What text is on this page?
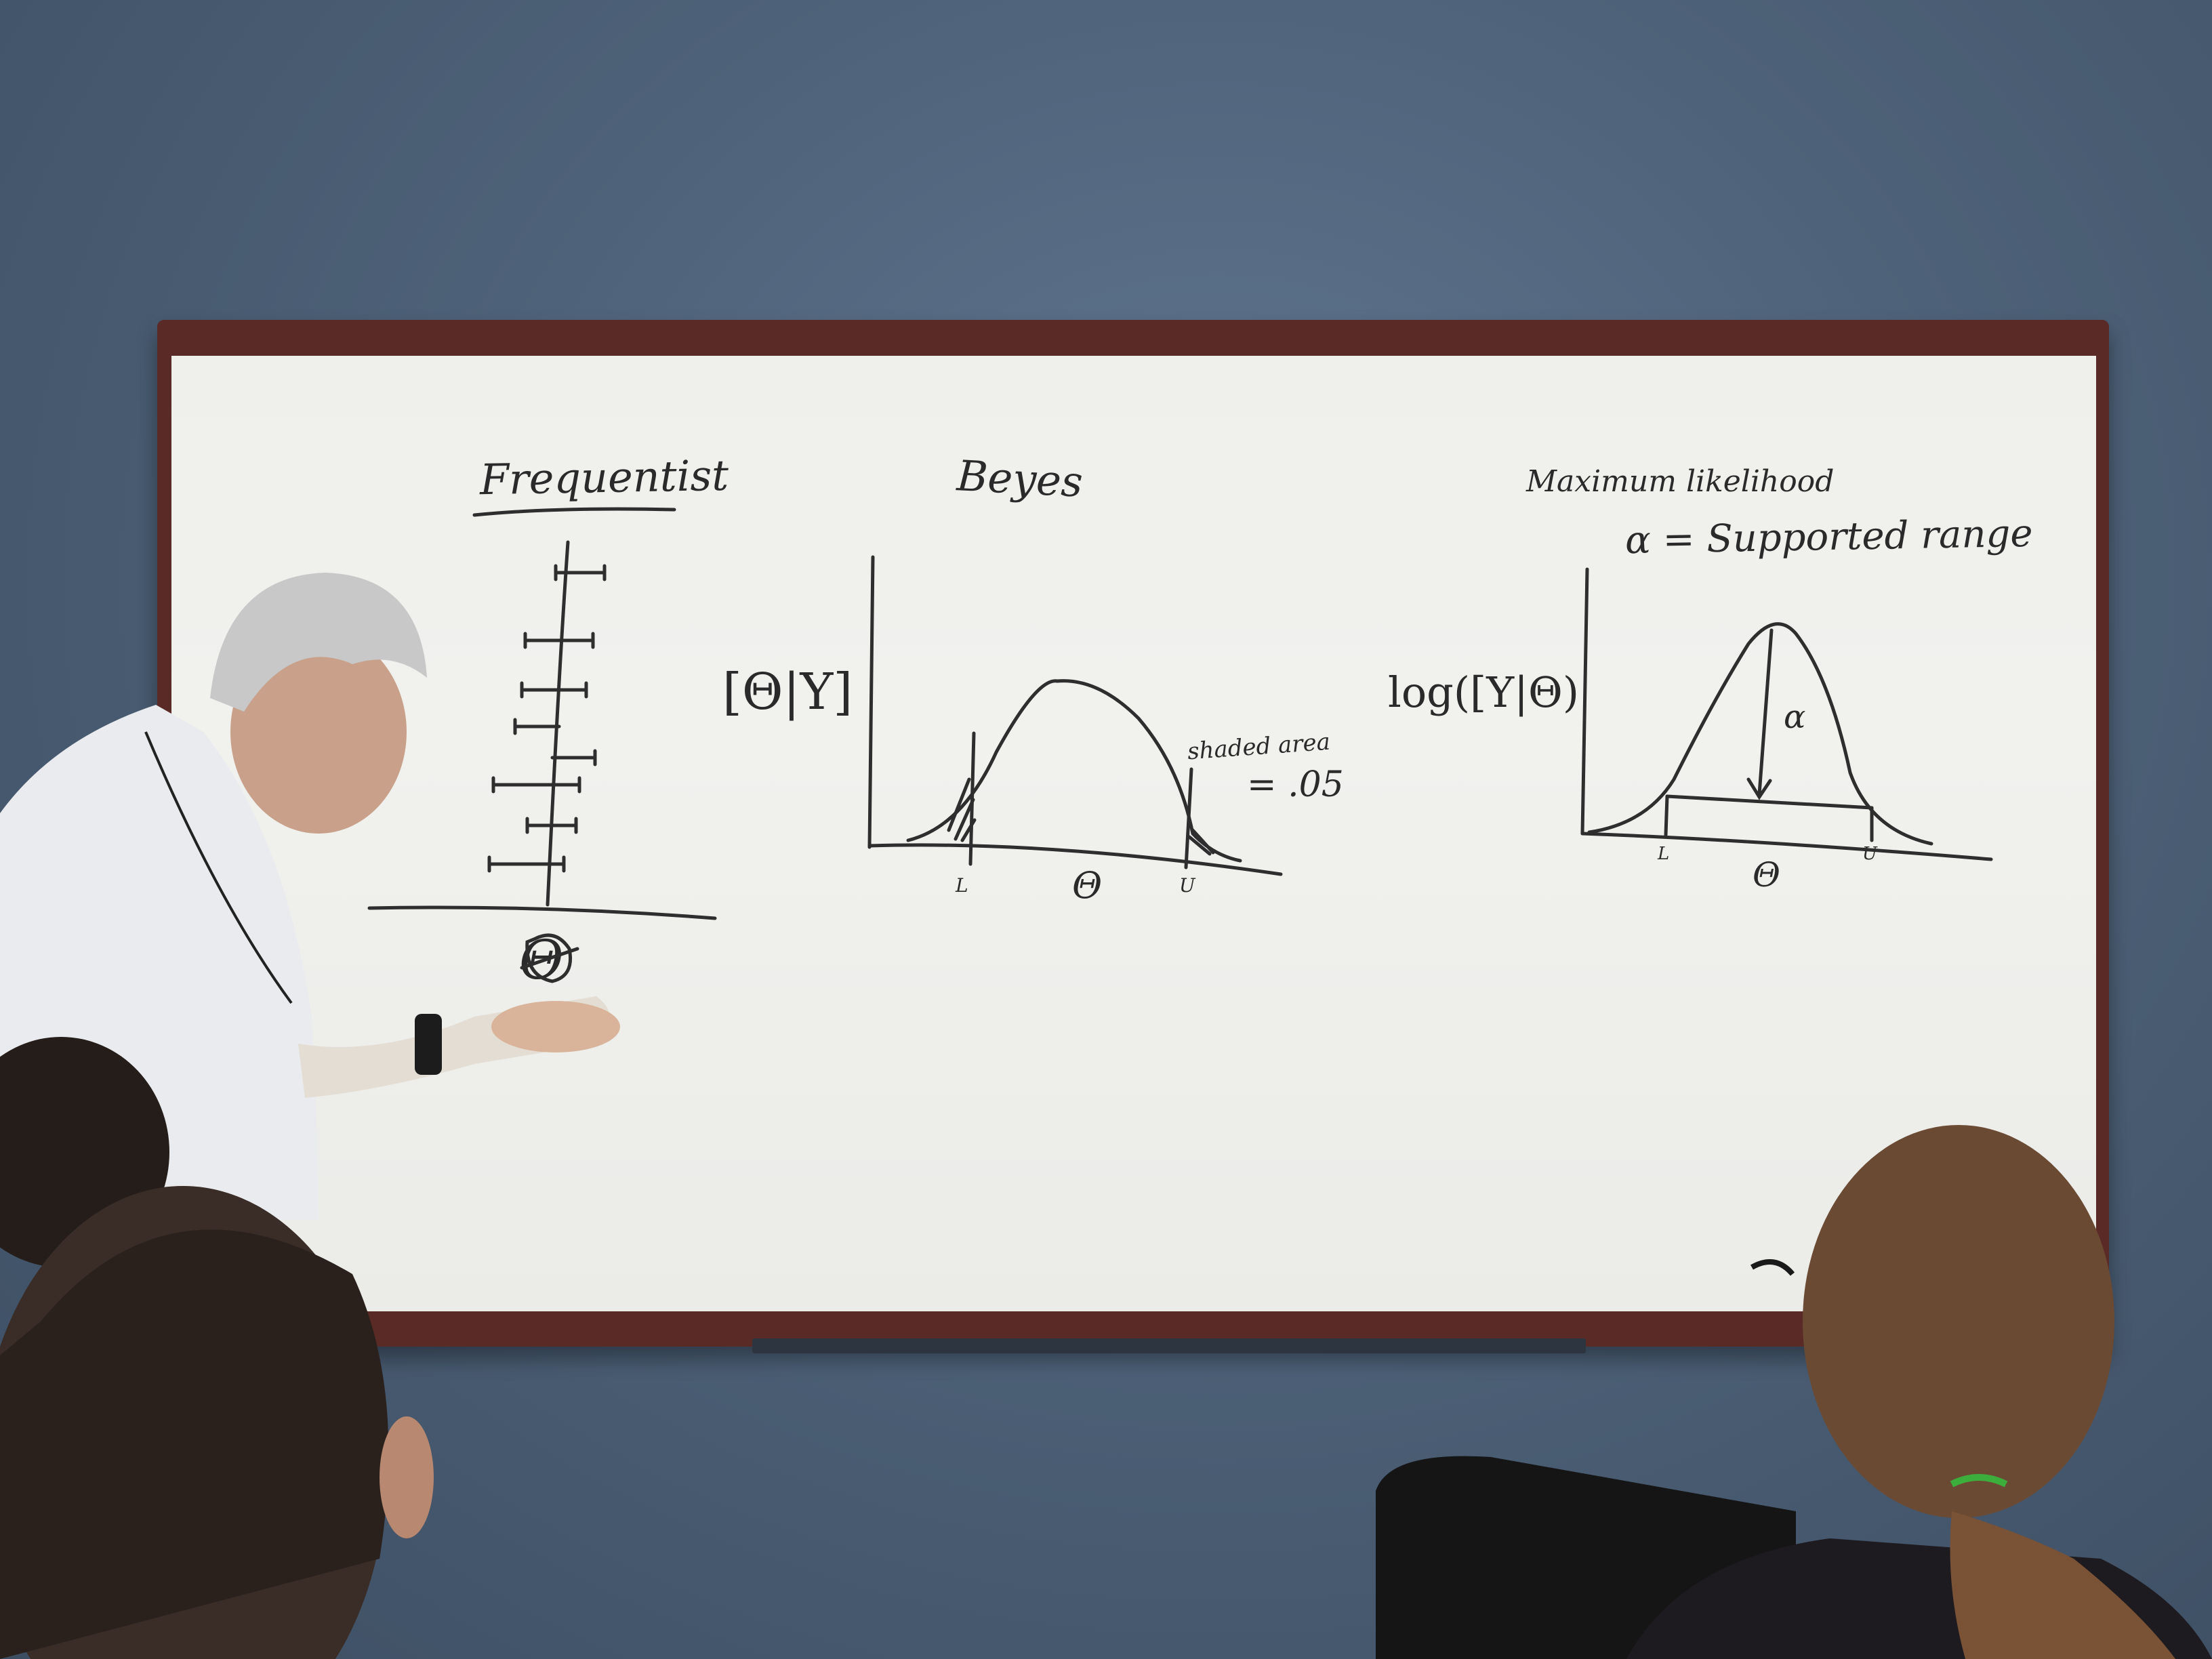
Frequentist
Θ
Beyes
[Θ|Y]
shaded area
= .05
L	U
Θ
Maximum likelihood
α = Supported range
log([Y|Θ)	α
L	U
Θ
